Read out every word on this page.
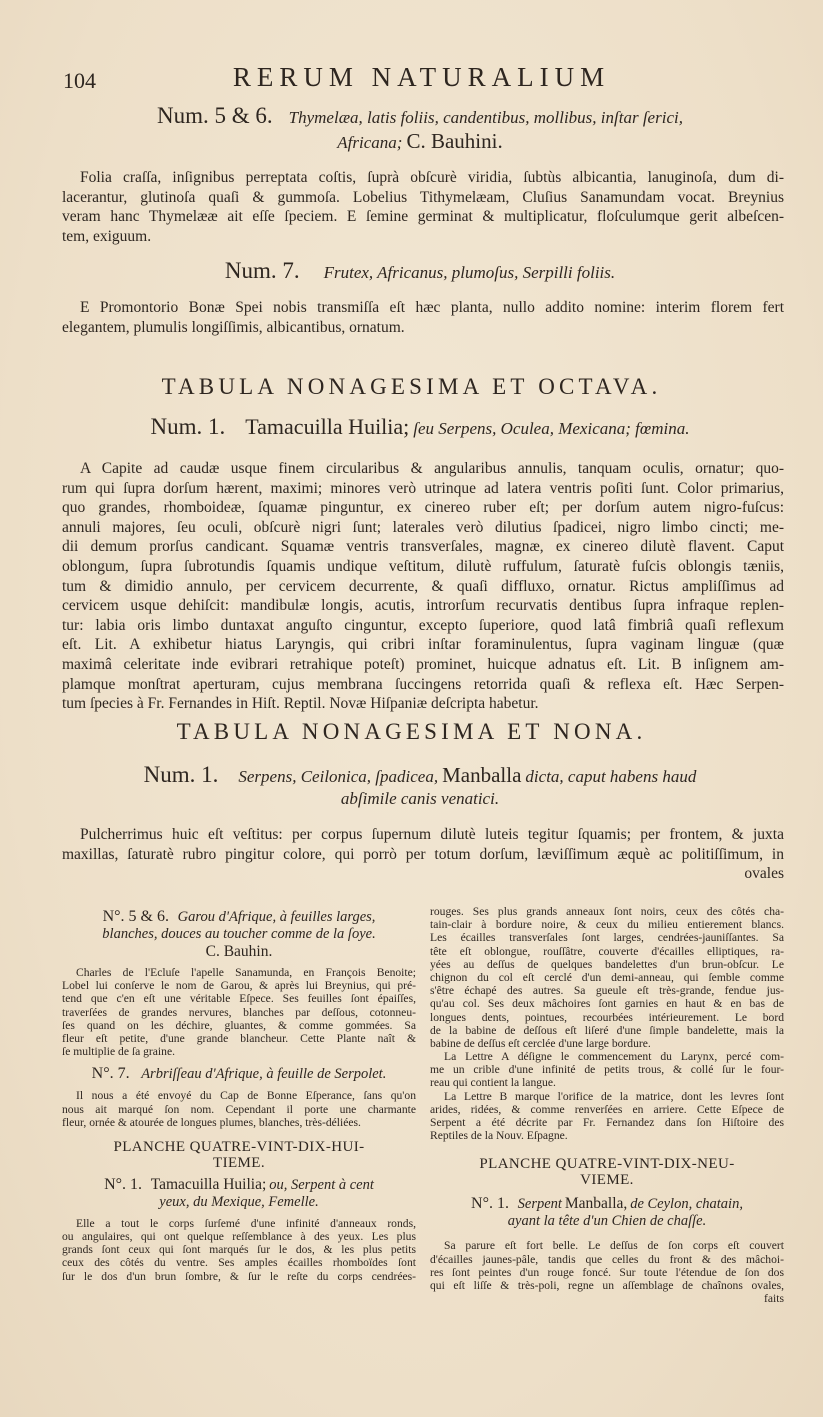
104	RERUM NATURALIUM
Num. 5 & 6. Thymelæa, latis foliis, candentibus, mollibus, inſtar ſerici,
Africana; C. Bauhini.
Folia craſſa, inſignibus perreptata coſtis, ſuprà obſcurè viridia, ſubtùs albicantia, lanuginoſa, dum di-
lacerantur, glutinoſa quaſi & gummoſa. Lobelius Tithymelæam, Cluſius Sanamundam vocat. Breynius
veram hanc Thymelææ ait eſſe ſpeciem. E ſemine germinat & multiplicatur, floſculumque gerit albeſcen-
tem, exiguum.
Num. 7. Frutex, Africanus, plumoſus, Serpilli foliis.
E Promontorio Bonæ Spei nobis transmiſſa eſt hæc planta, nullo addito nomine: interim florem fert
elegantem, plumulis longiſſimis, albicantibus, ornatum.
TABULA NONAGESIMA ET OCTAVA.
Num. 1. Tamacuilla Huilia; ſeu Serpens, Oculea, Mexicana; fœmina.
A Capite ad caudæ usque finem circularibus & angularibus annulis, tanquam oculis, ornatur; quo-
rum qui ſupra dorſum hærent, maximi; minores verò utrinque ad latera ventris poſiti ſunt. Color primarius,
quo grandes, rhomboideæ, ſquamæ pinguntur, ex cinereo ruber eſt; per dorſum autem nigro-fuſcus:
annuli majores, ſeu oculi, obſcurè nigri ſunt; laterales verò dilutius ſpadicei, nigro limbo cincti; me-
dii demum prorſus candicant. Squamæ ventris transverſales, magnæ, ex cinereo dilutè flavent. Caput
oblongum, ſupra ſubrotundis ſquamis undique veſtitum, dilutè ruffulum, ſaturatè fuſcis oblongis tæniis,
tum & dimidio annulo, per cervicem decurrente, & quaſi diffluxo, ornatur. Rictus ampliſſimus ad
cervicem usque dehiſcit: mandibulæ longis, acutis, introrſum recurvatis dentibus ſupra infraque replen-
tur: labia oris limbo duntaxat anguſto cinguntur, excepto ſuperiore, quod latâ fimbriâ quaſi reflexum
eſt. Lit. A exhibetur hiatus Laryngis, qui cribri inſtar foraminulentus, ſupra vaginam linguæ (quæ
maximâ celeritate inde evibrari retrahique poteſt) prominet, huicque adnatus eſt. Lit. B inſignem am-
plamque monſtrat aperturam, cujus membrana ſuccingens retorrida quaſi & reflexa eſt. Hæc Serpen-
tum ſpecies à Fr. Fernandes in Hiſt. Reptil. Novæ Hiſpaniæ deſcripta habetur.
TABULA NONAGESIMA ET NONA.
Num. 1. Serpens, Ceilonica, ſpadicea, Manballa dicta, caput habens haud
abſimile canis venatici.
Pulcherrimus huic eſt veſtitus: per corpus ſupernum dilutè luteis tegitur ſquamis; per frontem, & juxta
maxillas, ſaturatè rubro pingitur colore, qui porrò per totum dorſum, læviſſimum æquè ac politiſſimum, in
ovales
N°. 5 & 6. Garou d'Afrique, à feuilles larges,
blanches, douces au toucher comme de la ſoye.
C. Bauhin.
Charles de l'Ecluſe l'apelle Sanamunda, en François Benoite;
Lobel lui conſerve le nom de Garou, & après lui Breynius, qui pré-
tend que c'en eſt une véritable Eſpece. Ses feuilles ſont épaiſſes,
traverſées de grandes nervures, blanches par deſſous, cotonneu-
ſes quand on les déchire, gluantes, & comme gommées. Sa
fleur eſt petite, d'une grande blancheur. Cette Plante naît &
ſe multiplie de ſa graine.
N°. 7. Arbriſſeau d'Afrique, à feuille de Serpolet.
Il nous a été envoyé du Cap de Bonne Eſperance, ſans qu'on
nous ait marqué ſon nom. Cependant il porte une charmante
fleur, ornée & atourée de longues plumes, blanches, très-déliées.
PLANCHE QUATRE-VINT-DIX-HUI-
TIEME.
N°. 1. Tamacuilla Huilia; ou, Serpent à cent
yeux, du Mexique, Femelle.
Elle a tout le corps ſurſemé d'une infinité d'anneaux ronds,
ou angulaires, qui ont quelque reſſemblance à des yeux. Les plus
grands ſont ceux qui ſont marqués ſur le dos, & les plus petits
ceux des côtés du ventre. Ses amples écailles rhomboïdes ſont
ſur le dos d'un brun ſombre, & ſur le reſte du corps cendrées-
rouges. Ses plus grands anneaux ſont noirs, ceux des côtés cha-
tain-clair à bordure noire, & ceux du milieu entierement blancs.
Les écailles transverſales ſont larges, cendrées-jauniſſantes. Sa
tête eſt oblongue, rouſſâtre, couverte d'écailles elliptiques, ra-
yées au deſſus de quelques bandelettes d'un brun-obſcur. Le
chignon du col eſt cerclé d'un demi-anneau, qui ſemble comme
s'être échapé des autres. Sa gueule eſt très-grande, fendue jus-
qu'au col. Ses deux mâchoires ſont garnies en haut & en bas de
longues dents, pointues, recourbées intérieurement. Le bord
de la babine de deſſous eſt liſeré d'une ſimple bandelette, mais la
babine de deſſus eſt cerclée d'une large bordure.
La Lettre A déſigne le commencement du Larynx, percé com-
me un crible d'une infinité de petits trous, & collé ſur le four-
reau qui contient la langue.
La Lettre B marque l'orifice de la matrice, dont les levres ſont
arides, ridées, & comme renverſées en arriere. Cette Eſpece de
Serpent a été décrite par Fr. Fernandez dans ſon Hiſtoire des
Reptiles de la Nouv. Eſpagne.
PLANCHE QUATRE-VINT-DIX-NEU-
VIEME.
N°. 1. Serpent Manballa, de Ceylon, chatain,
ayant la tête d'un Chien de chaſſe.
Sa parure eſt fort belle. Le deſſus de ſon corps eſt couvert
d'écailles jaunes-pâle, tandis que celles du front & des mâchoi-
res ſont peintes d'un rouge foncé. Sur toute l'étendue de ſon dos
qui eſt liſſe & très-poli, regne un aſſemblage de chaînons ovales,
faits
